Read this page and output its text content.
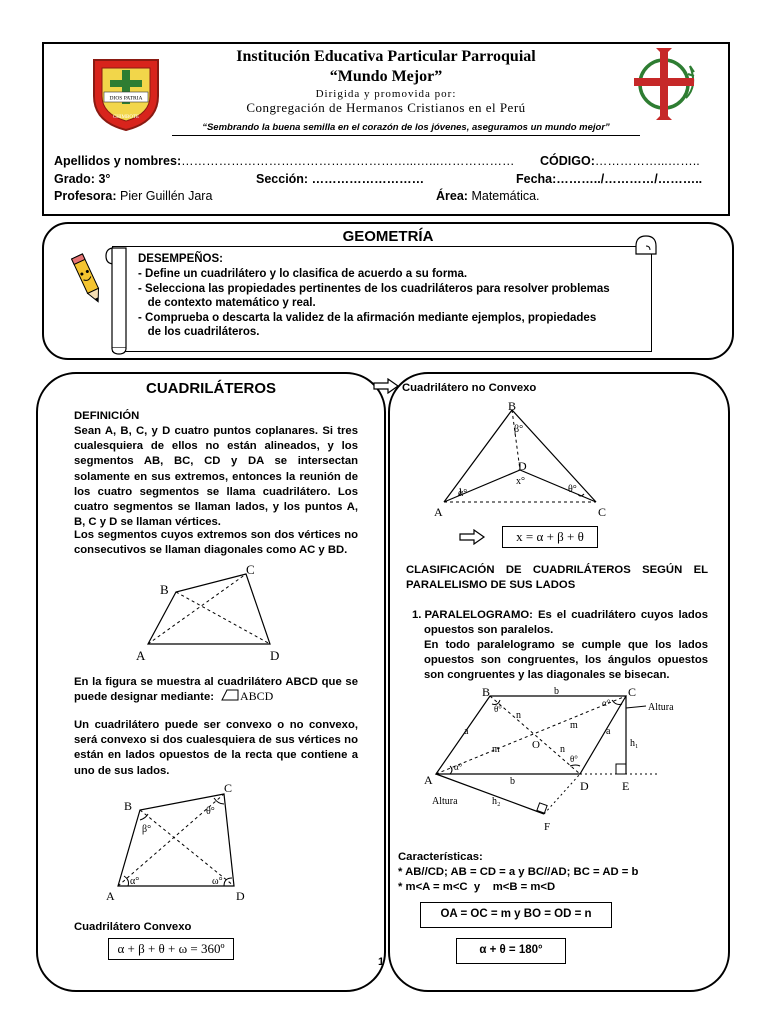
DIOS PATRIA
MUNDO MEJOR
CHIMBOTE
Institución Educativa Particular Parroquial
“Mundo Mejor”
Dirigida y promovida por:
Congregación de Hermanos Cristianos en el Perú
“Sembrando la buena semilla en el corazón de los jóvenes, aseguramos un mundo mejor”
Apellidos y nombres:………………………………………………...…...……………… CÓDIGO:……………...……..
Grado: 3°	Sección: ………………………	Fecha:………../…………/………..
Profesora: Pier Guillén Jara	Área: Matemática.
GEOMETRÍA
DESEMPEÑOS:
- Define un cuadrilátero y lo clasifica de acuerdo a su forma.
- Selecciona las propiedades pertinentes de los cuadriláteros para resolver problemas
de contexto matemático y real.
- Comprueba o descarta la validez de la afirmación mediante ejemplos, propiedades
de los cuadriláteros.
CUADRILÁTEROS
DEFINICIÓN
Sean A, B, C, y D cuatro puntos coplanares. Si tres cualesquiera de ellos no están alineados, y los segmentos AB, BC, CD y DA se intersectan solamente en sus extremos, entonces la reunión de los cuatro segmentos se llama cuadrilátero. Los cuatro segmentos se llaman lados, y los puntos A, B, C y D se llaman vértices.
Los segmentos cuyos extremos son dos vértices no consecutivos se llaman diagonales como AC y BD.
A
B
C
D
En la figura se muestra al cuadrilátero ABCD que se puede designar mediante:	ABCD
Un cuadrilátero puede ser convexo o no convexo, será convexo si dos cualesquiera de sus vértices no están en lados opuestos de la recta que contiene a uno de sus lados.
A
B
C
D
α°
β°
θ°
ω°
Cuadrilátero Convexo
α + β + θ + ω = 360º
Cuadrilátero no Convexo
A
B
C
D
α°
β°
θ°
x°
x = α + β + θ
CLASIFICACIÓN DE CUADRILÁTEROS SEGÚN EL PARALELISMO DE SUS LADOS
1. PARALELOGRAMO: Es el cuadrilátero cuyos lados opuestos son paralelos.
En todo paralelogramo se cumple que los lados opuestos son congruentes, los ángulos opuestos son congruentes y las diagonales se bisecan.
A
B	C
D	E
F
O
a	a
b
b
m
m
n
n
h₁
h₂
α°
θ°
θ°
α°	Altura
Altura
Características:
* AB//CD; AB = CD = a y BC//AD; BC = AD = b
* m<A = m<C  y    m<B = m<D
OA = OC = m y BO = OD = n
α + θ = 180°
1
